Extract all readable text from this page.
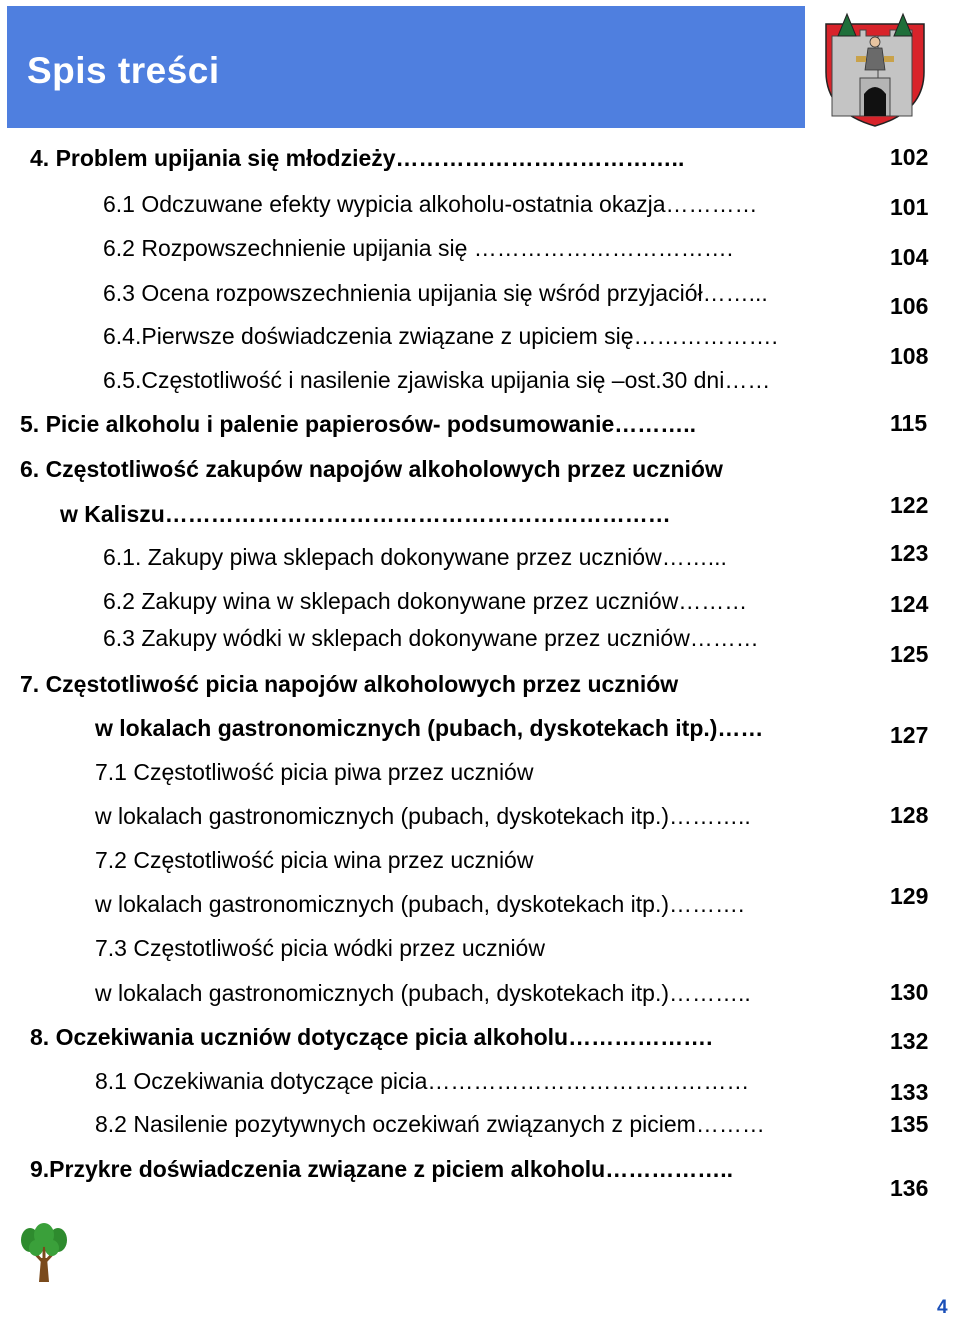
Spis treści
4. Problem upijania się młodzieży………………………………..
6.1 Odczuwane efekty wypicia alkoholu-ostatnia okazja…………
6.2 Rozpowszechnienie upijania się …………………………….
6.3 Ocena rozpowszechnienia upijania się wśród przyjaciół……...
6.4.Pierwsze doświadczenia związane z upiciem się……………….
6.5.Częstotliwość i nasilenie zjawiska upijania się –ost.30 dni……
5. Picie alkoholu i palenie papierosów- podsumowanie………..
6. Częstotliwość zakupów napojów alkoholowych przez uczniów
w Kaliszu…………………………………………………………
6.1. Zakupy piwa sklepach dokonywane przez uczniów……...
6.2 Zakupy wina w sklepach dokonywane przez uczniów………
6.3 Zakupy wódki w sklepach dokonywane przez uczniów………
7. Częstotliwość picia napojów alkoholowych przez uczniów
w lokalach gastronomicznych (pubach, dyskotekach itp.)……
7.1 Częstotliwość picia piwa przez uczniów
w lokalach gastronomicznych (pubach, dyskotekach itp.)………..
7.2 Częstotliwość picia wina przez uczniów
w lokalach gastronomicznych (pubach, dyskotekach itp.)……….
7.3 Częstotliwość picia wódki przez uczniów
w lokalach gastronomicznych (pubach, dyskotekach itp.)………..
8. Oczekiwania uczniów dotyczące picia alkoholu……………….
8.1 Oczekiwania dotyczące picia……………………………………
8.2 Nasilenie pozytywnych oczekiwań związanych z piciem………
9.Przykre doświadczenia związane z piciem alkoholu……………..
102
101
104
106
108
115
122
123
124
125
127
128
129
130
132
133
135
136
4
